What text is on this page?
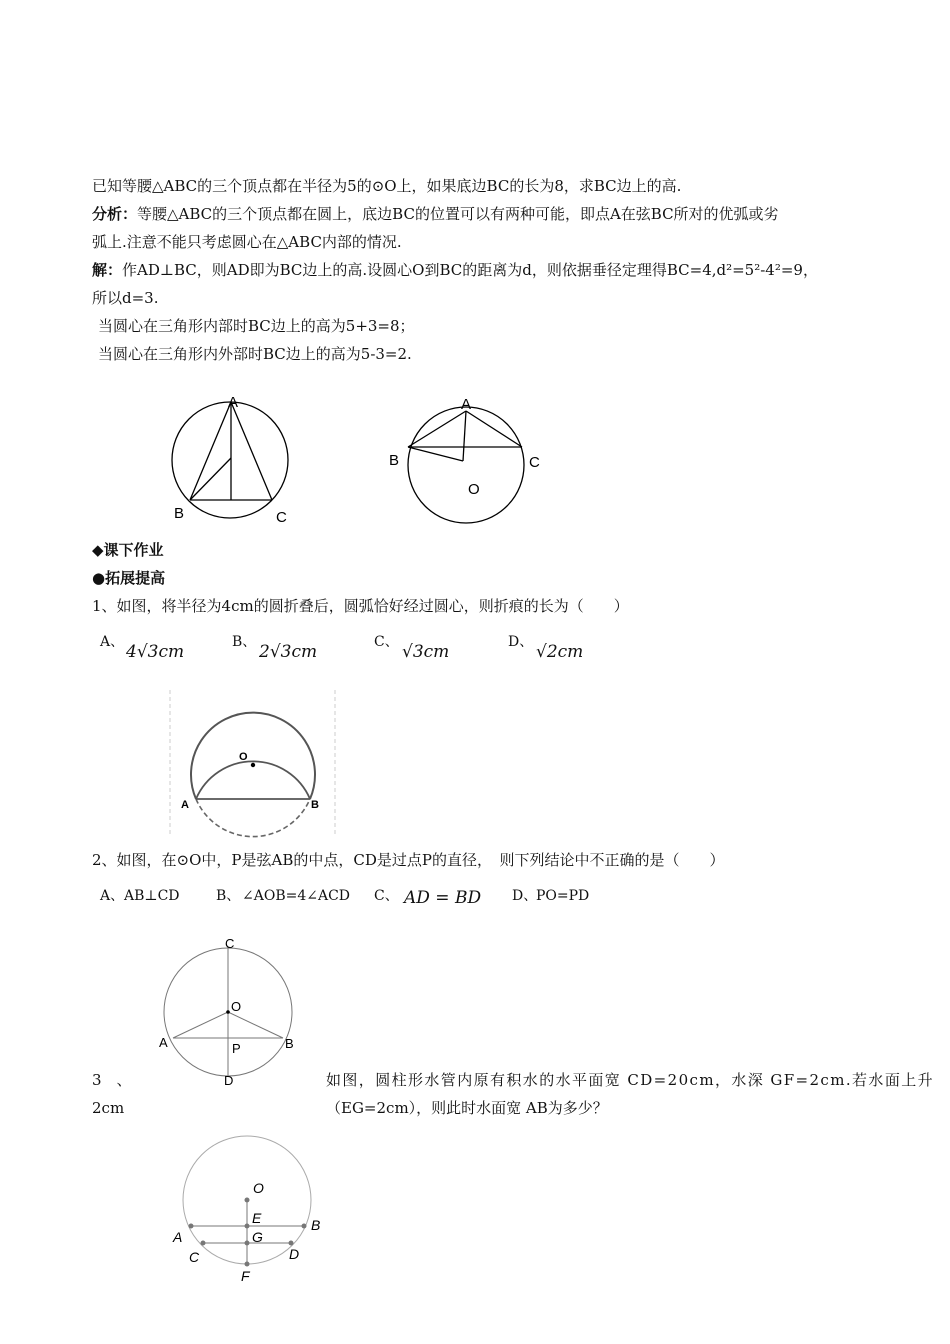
已知等腰△ABC的三个顶点都在半径为5的⊙O上，如果底边BC的长为8，求BC边上的高.
分析：等腰△ABC的三个顶点都在圆上，底边BC的位置可以有两种可能，即点A在弦BC所对的优弧或劣
弧上.注意不能只考虑圆心在△ABC内部的情况.
解：作AD⊥BC，则AD即为BC边上的高.设圆心O到BC的距离为d，则依据垂径定理得BC=4,d²=5²-4²=9，
所以d=3.
当圆心在三角形内部时BC边上的高为5+3=8；
当圆心在三角形内外部时BC边上的高为5-3=2.
A
B	C
A
B	C
O
O
A	B
C
O
A	B
P
D
O
E	B
A	G
C	D
F
◆课下作业
●拓展提高
1、如图，将半径为4cm的圆折叠后，圆弧恰好经过圆心，则折痕的长为（　　）
A、 4√3cm	B、 2√3cm	C、 √3cm	D、 √2cm
2、如图，在⊙O中，P是弦AB的中点，CD是过点P的直径，　则下列结论中不正确的是（　　）
A、 AB⊥CD	B、 ∠AOB=4∠ACD C、 AD = BD D、
PO=PD
3　、	如图，圆柱形水管内原有积水的水平面宽 CD=20cm，水深 GF=2cm.若水面上升
2cm	（EG=2cm），则此时水面宽 AB为多少？
